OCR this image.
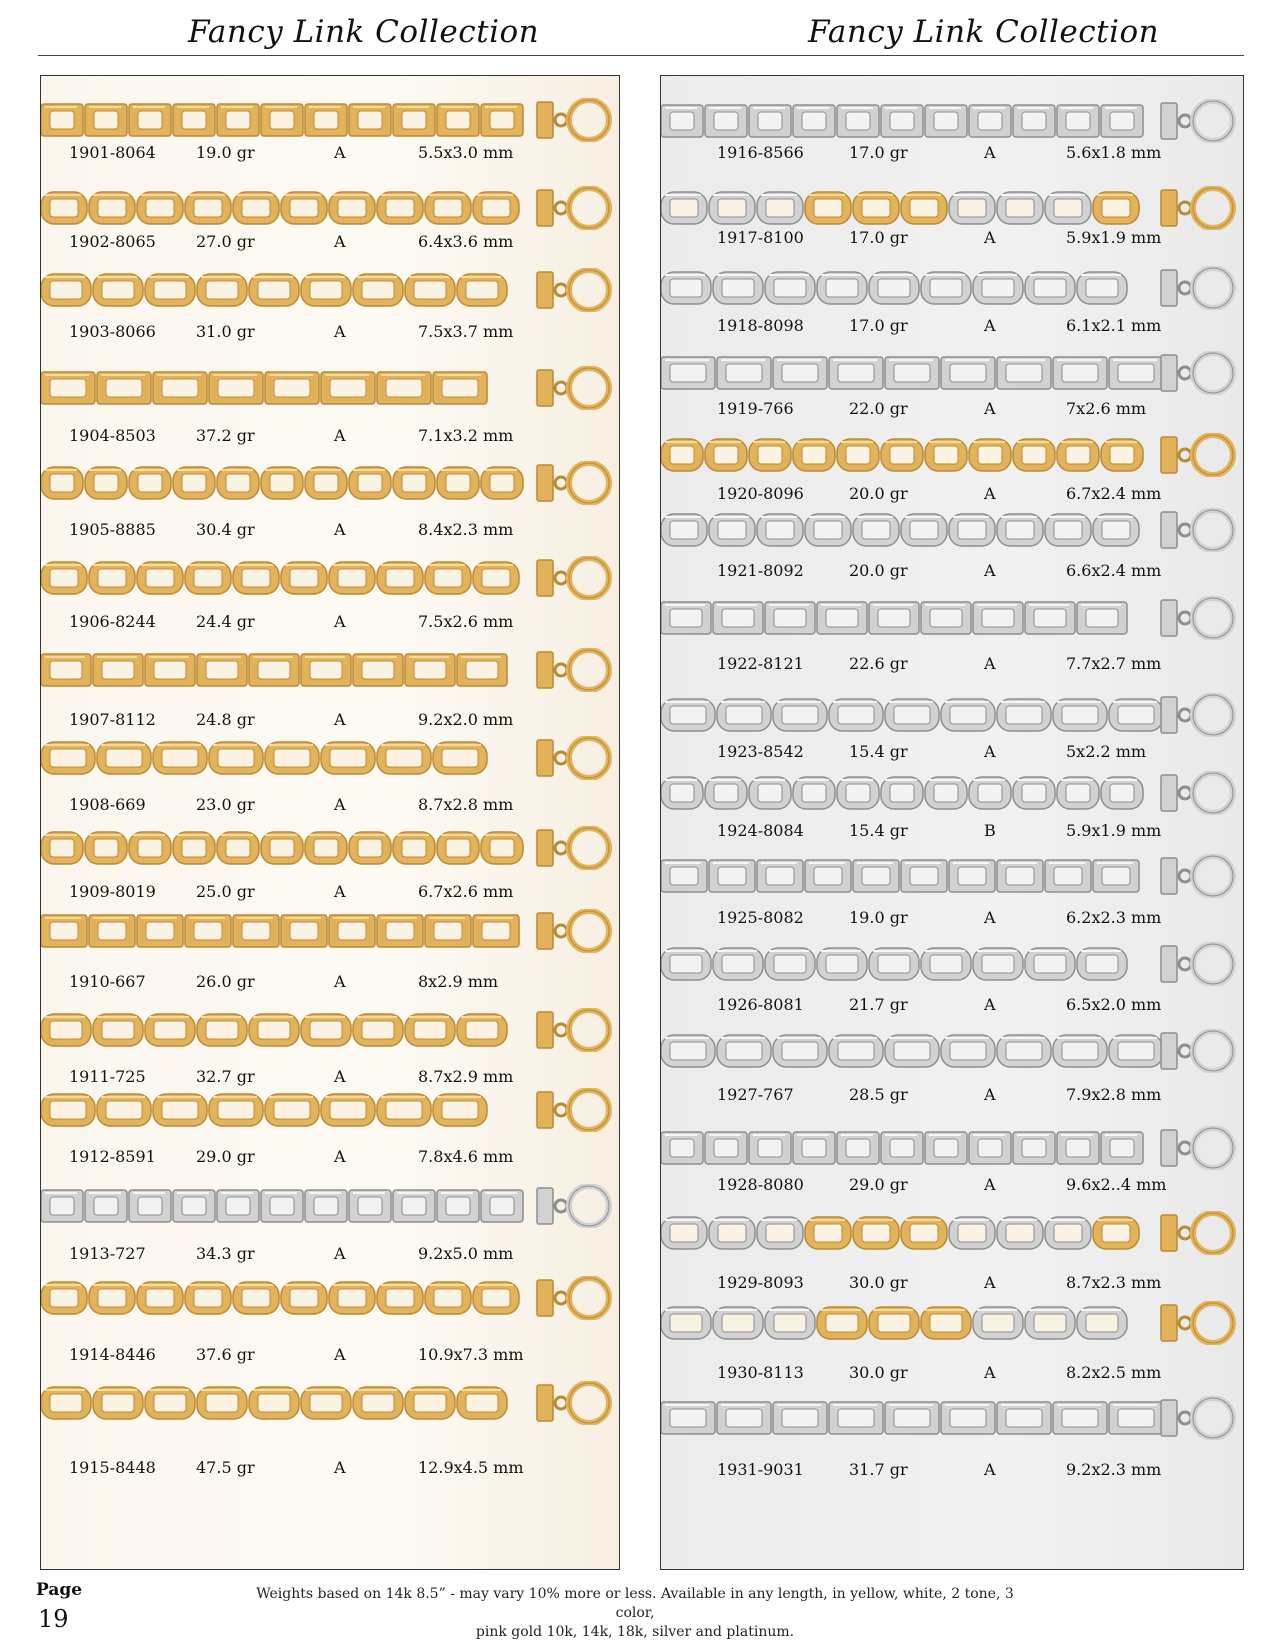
Fancy Link Collection	Fancy Link Collection
1901-8064	19.0 gr	A	5.5x3.0 mm
1902-8065	27.0 gr	A	6.4x3.6 mm
1903-8066	31.0 gr	A	7.5x3.7 mm
1904-8503	37.2 gr	A	7.1x3.2 mm
1905-8885	30.4 gr	A	8.4x2.3 mm
1906-8244	24.4 gr	A	7.5x2.6 mm
1907-8112	24.8 gr	A	9.2x2.0 mm
1908-669	23.0 gr	A	8.7x2.8 mm
1909-8019	25.0 gr	A	6.7x2.6 mm
1910-667	26.0 gr	A	8x2.9 mm
1911-725	32.7 gr	A	8.7x2.9 mm
1912-8591	29.0 gr	A	7.8x4.6 mm
1913-727	34.3 gr	A	9.2x5.0 mm
1914-8446	37.6 gr	A	10.9x7.3 mm
1915-8448	47.5 gr	A	12.9x4.5 mm
1916-8566	17.0 gr	A	5.6x1.8 mm
1917-8100	17.0 gr	A	5.9x1.9 mm
1918-8098	17.0 gr	A	6.1x2.1 mm
1919-766	22.0 gr	A	7x2.6 mm
1920-8096	20.0 gr	A	6.7x2.4 mm
1921-8092	20.0 gr	A	6.6x2.4 mm
1922-8121	22.6 gr	A	7.7x2.7 mm
1923-8542	15.4 gr	A	5x2.2 mm
1924-8084	15.4 gr	B	5.9x1.9 mm
1925-8082	19.0 gr	A	6.2x2.3 mm
1926-8081	21.7 gr	A	6.5x2.0 mm
1927-767	28.5 gr	A	7.9x2.8 mm
1928-8080	29.0 gr	A	9.6x2..4 mm
1929-8093	30.0 gr	A	8.7x2.3 mm
1930-8113	30.0 gr	A	8.2x2.5 mm
1931-9031	31.7 gr	A	9.2x2.3 mm
Page
19
Weights based on 14k 8.5” - may vary 10% more or less. Available in any length, in yellow, white, 2 tone, 3 color,
pink gold 10k, 14k, 18k, silver and platinum.
